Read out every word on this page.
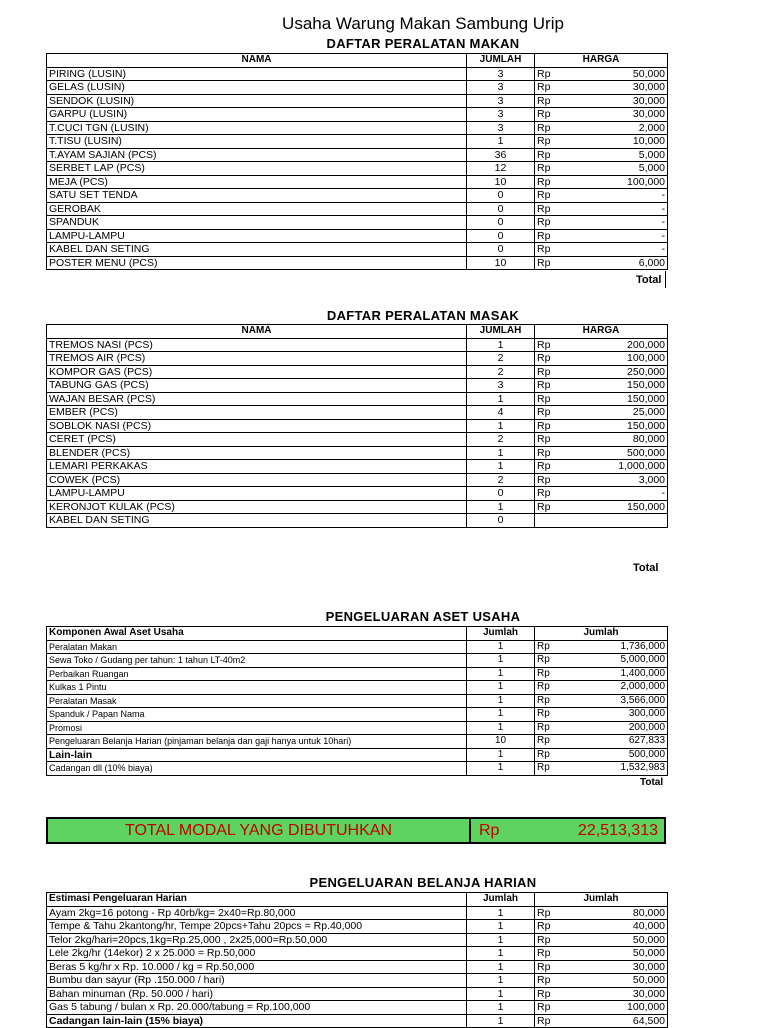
Usaha Warung Makan Sambung Urip
DAFTAR PERALATAN MAKAN
NAMA	JUMLAH	HARGA	
PIRING (LUSIN)	3	Rp	50,000
GELAS (LUSIN)	3	Rp	30,000
SENDOK (LUSIN)	3	Rp	30,000
GARPU (LUSIN)	3	Rp	30,000
T.CUCI TGN (LUSIN)	3	Rp	2,000
T.TISU (LUSIN)	1	Rp	10,000
T.AYAM SAJIAN (PCS)	36	Rp	5,000
SERBET LAP (PCS)	12	Rp	5,000
MEJA (PCS)	10	Rp	100,000
SATU SET TENDA	0	Rp	-
GEROBAK	0	Rp	-
SPANDUK	0	Rp	-
LAMPU-LAMPU	0	Rp	-
KABEL DAN SETING	0	Rp	-
POSTER MENU (PCS)	10	Rp	6,000
Total
DAFTAR PERALATAN MASAK
NAMA	JUMLAH	HARGA	
TREMOS NASI (PCS)	1	Rp	200,000
TREMOS AIR (PCS)	2	Rp	100,000
KOMPOR GAS (PCS)	2	Rp	250,000
TABUNG GAS (PCS)	3	Rp	150,000
WAJAN BESAR (PCS)	1	Rp	150,000
EMBER (PCS)	4	Rp	25,000
SOBLOK NASI (PCS)	1	Rp	150,000
CERET (PCS)	2	Rp	80,000
BLENDER (PCS)	1	Rp	500,000
LEMARI PERKAKAS	1	Rp	1,000,000
COWEK (PCS)	2	Rp	3,000
LAMPU-LAMPU	0	Rp	-
KERONJOT KULAK (PCS)	1	Rp	150,000
KABEL DAN SETING	0		
Total
PENGELUARAN ASET USAHA
Komponen Awal Aset Usaha	Jumlah	Jumlah	
Peralatan Makan	1	Rp	1,736,000
Sewa Toko / Gudang per tahun: 1 tahun LT-40m2	1	Rp	5,000,000
Perbaikan Ruangan	1	Rp	1,400,000
Kulkas 1 Pintu	1	Rp	2,000,000
Peralatan Masak	1	Rp	3,566,000
Spanduk / Papan Nama	1	Rp	300,000
Promosi	1	Rp	200,000
Pengeluaran Belanja Harian (pinjaman belanja dan gaji hanya untuk 10hari)	10	Rp	627,833
Lain-lain	1	Rp	500,000
Cadangan dll (10% biaya)	1	Rp	1,532,983
Total
TOTAL MODAL YANG DIBUTUHKAN	Rp	22,513,313
PENGELUARAN BELANJA HARIAN
Estimasi Pengeluaran Harian	Jumlah	Jumlah	
Ayam 2kg=16 potong - Rp 40rb/kg= 2x40=Rp.80,000	1	Rp	80,000
Tempe & Tahu 2kantong/hr, Tempe 20pcs+Tahu 20pcs = Rp.40,000	1	Rp	40,000
Telor 2kg/hari=20pcs,1kg=Rp.25,000 , 2x25,000=Rp.50,000	1	Rp	50,000
Lele 2kg/hr (14ekor) 2 x 25.000 = Rp.50,000	1	Rp	50,000
Beras 5 kg/hr x Rp. 10.000 / kg = Rp.50,000	1	Rp	30,000
Bumbu dan sayur (Rp .150.000 / hari)	1	Rp	50,000
Bahan minuman (Rp. 50.000 / hari)	1	Rp	30,000
Gas 5 tabung / bulan x Rp. 20.000/tabung = Rp.100,000	1	Rp	100,000
Cadangan lain-lain (15% biaya)	1	Rp	64,500
